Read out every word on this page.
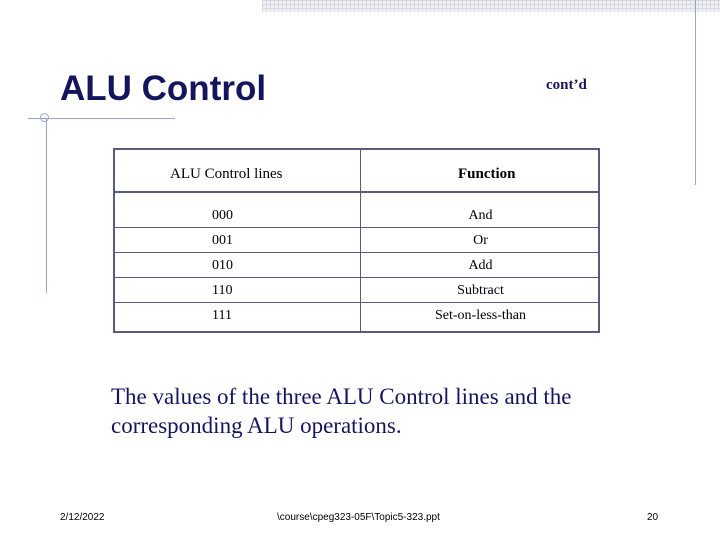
ALU Control	cont’d
ALU Control lines	Function
000	And
001	Or
010	Add
110	Subtract
111	Set-on-less-than

The values of the three ALU Control lines and the corresponding ALU operations.

2/12/2022	\course\cpeg323-05F\Topic5-323.ppt	20
